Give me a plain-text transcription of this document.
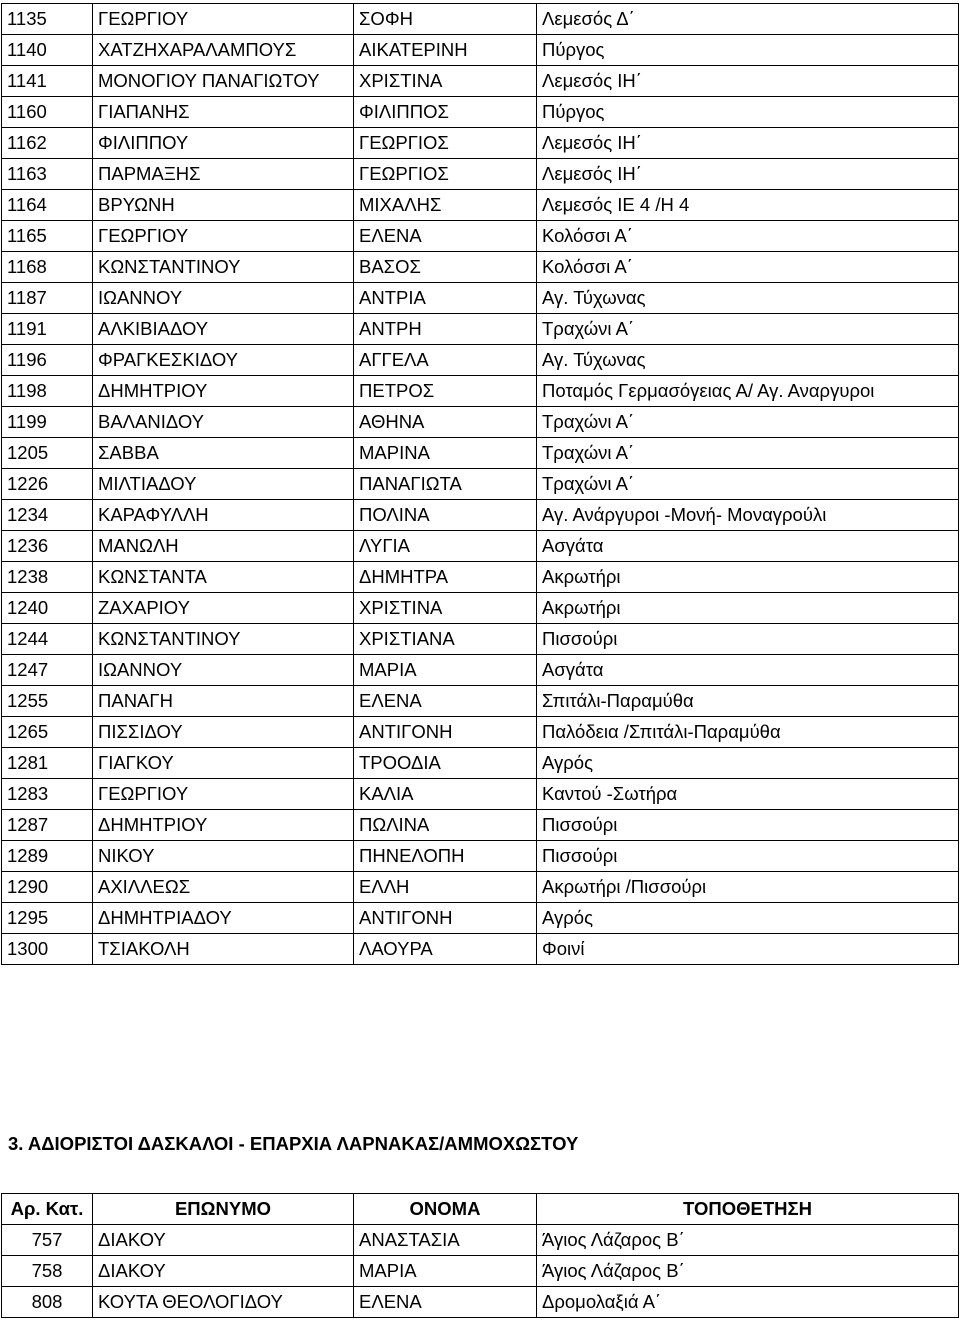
1135	ΓΕΩΡΓΙΟΥ	ΣΟΦΗ	Λεμεσός Δ΄
1140	ΧΑΤΖΗΧΑΡΑΛΑΜΠΟΥΣ	ΑΙΚΑΤΕΡΙΝΗ	Πύργος
1141	ΜΟΝΟΓΙΟΥ ΠΑΝΑΓΙΩΤΟΥ	ΧΡΙΣΤΙΝΑ	Λεμεσός ΙΗ΄
1160	ΓΙΑΠΑΝΗΣ	ΦΙΛΙΠΠΟΣ	Πύργος
1162	ΦΙΛΙΠΠΟΥ	ΓΕΩΡΓΙΟΣ	Λεμεσός ΙΗ΄
1163	ΠΑΡΜΑΞΗΣ	ΓΕΩΡΓΙΟΣ	Λεμεσός ΙΗ΄
1164	ΒΡΥΩΝΗ	ΜΙΧΑΛΗΣ	Λεμεσός ΙΕ 4 /Η 4
1165	ΓΕΩΡΓΙΟΥ	ΕΛΕΝΑ	Κολόσσι Α΄
1168	ΚΩΝΣΤΑΝΤΙΝΟΥ	ΒΑΣΟΣ	Κολόσσι Α΄
1187	ΙΩΑΝΝΟΥ	ΑΝΤΡΙΑ	Αγ. Τύχωνας
1191	ΑΛΚΙΒΙΑΔΟΥ	ΑΝΤΡΗ	Τραχώνι Α΄
1196	ΦΡΑΓΚΕΣΚΙΔΟΥ	ΑΓΓΕΛΑ	Αγ. Τύχωνας
1198	ΔΗΜΗΤΡΙΟΥ	ΠΕΤΡΟΣ	Ποταμός Γερμασόγειας Α/ Αγ. Αναργυροι
1199	ΒΑΛΑΝΙΔΟΥ	ΑΘΗΝΑ	Τραχώνι Α΄
1205	ΣΑΒΒΑ	ΜΑΡΙΝΑ	Τραχώνι Α΄
1226	ΜΙΛΤΙΑΔΟΥ	ΠΑΝΑΓΙΩΤΑ	Τραχώνι Α΄
1234	ΚΑΡΑΦΥΛΛΗ	ΠΟΛΙΝΑ	Αγ. Ανάργυροι -Μονή- Μοναγρούλι
1236	ΜΑΝΩΛΗ	ΛΥΓΙΑ	Ασγάτα
1238	ΚΩΝΣΤΑΝΤΑ	ΔΗΜΗΤΡΑ	Ακρωτήρι
1240	ΖΑΧΑΡΙΟΥ	ΧΡΙΣΤΙΝΑ	Ακρωτήρι
1244	ΚΩΝΣΤΑΝΤΙΝΟΥ	ΧΡΙΣΤΙΑΝΑ	Πισσούρι
1247	ΙΩΑΝΝΟΥ	ΜΑΡΙΑ	Ασγάτα
1255	ΠΑΝΑΓΗ	ΕΛΕΝΑ	Σπιτάλι-Παραμύθα
1265	ΠΙΣΣΙΔΟΥ	ΑΝΤΙΓΟΝΗ	Παλόδεια /Σπιτάλι-Παραμύθα
1281	ΓΙΑΓΚΟΥ	ΤΡΟΟΔΙΑ	Αγρός
1283	ΓΕΩΡΓΙΟΥ	ΚΑΛΙΑ	Καντού -Σωτήρα
1287	ΔΗΜΗΤΡΙΟΥ	ΠΩΛΙΝΑ	Πισσούρι
1289	ΝΙΚΟΥ	ΠΗΝΕΛΟΠΗ	Πισσούρι
1290	ΑΧΙΛΛΕΩΣ	ΕΛΛΗ	Ακρωτήρι /Πισσούρι
1295	ΔΗΜΗΤΡΙΑΔΟΥ	ΑΝΤΙΓΟΝΗ	Αγρός
1300	ΤΣΙΑΚΟΛΗ	ΛΑΟΥΡΑ	Φοινί
3. ΑΔΙΟΡΙΣΤΟΙ ΔΑΣΚΑΛΟΙ - ΕΠΑΡΧΙΑ ΛΑΡΝΑΚΑΣ/ΑΜΜΟΧΩΣΤΟΥ
Αρ. Κατ.	ΕΠΩΝΥΜΟ	ΟΝΟΜΑ	ΤΟΠΟΘΕΤΗΣΗ
757	ΔΙΑΚΟΥ	ΑΝΑΣΤΑΣΙΑ	Άγιος Λάζαρος Β΄
758	ΔΙΑΚΟΥ	ΜΑΡΙΑ	Άγιος Λάζαρος Β΄
808	ΚΟΥΤΑ ΘΕΟΛΟΓΙΔΟΥ	ΕΛΕΝΑ	Δρομολαξιά Α΄
